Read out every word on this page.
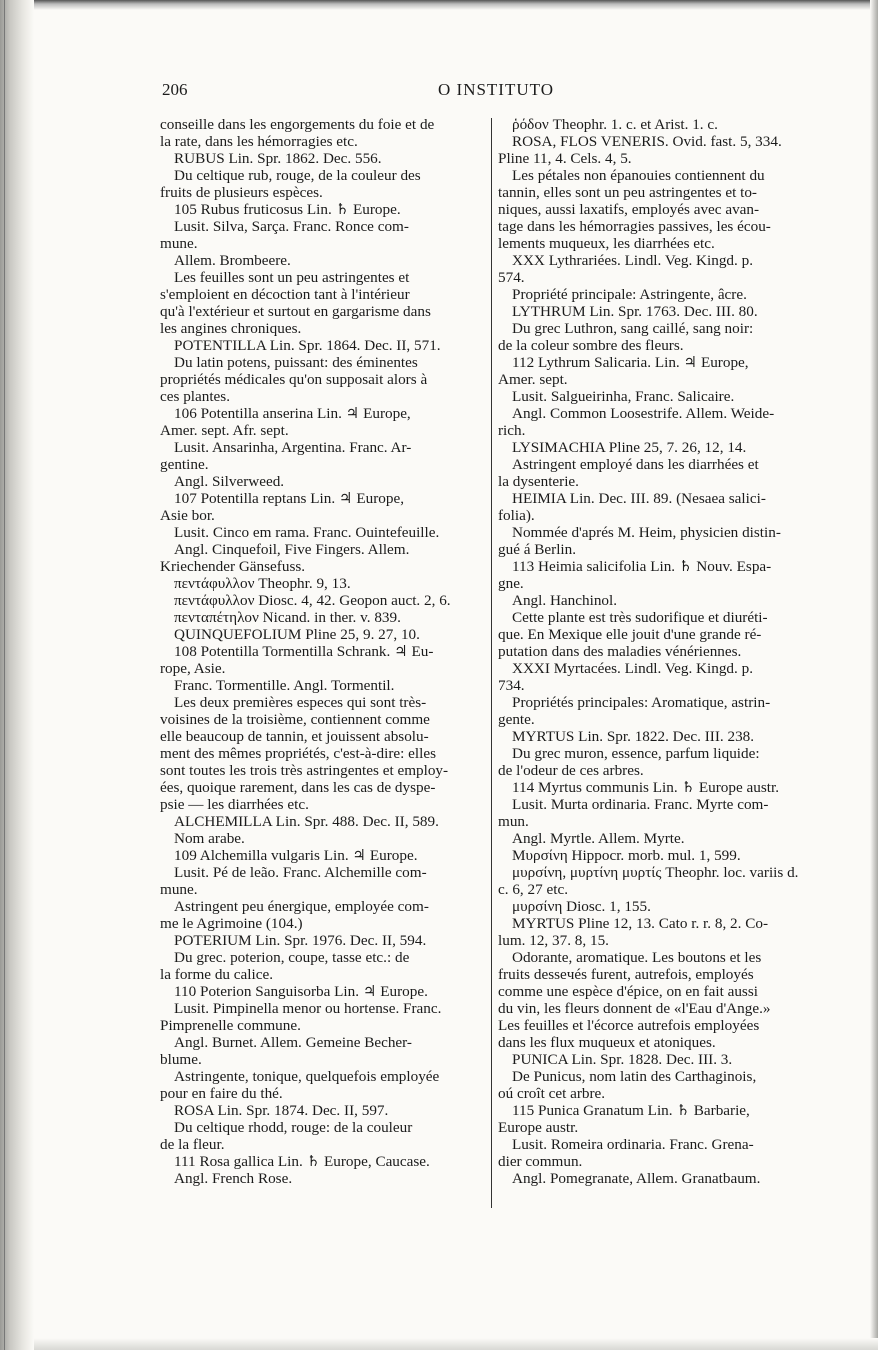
206	O INSTITUTO
conseille dans les engorgements du foie et de
la rate, dans les hémorragies etc.
RUBUS Lin. Spr. 1862. Dec. 556.
Du celtique rub, rouge, de la couleur des
fruits de plusieurs espèces.
105 Rubus fruticosus Lin. ♄ Europe.
Lusit. Silva, Sarça. Franc. Ronce com-
mune.
Allem. Brombeere.
Les feuilles sont un peu astringentes et
s'emploient en décoction tant à l'intérieur
qu'à l'extérieur et surtout en gargarisme dans
les angines chroniques.
POTENTILLA Lin. Spr. 1864. Dec. II, 571.
Du latin potens, puissant: des éminentes
propriétés médicales qu'on supposait alors à
ces plantes.
106 Potentilla anserina Lin. ♃ Europe,
Amer. sept. Afr. sept.
Lusit. Ansarinha, Argentina. Franc. Ar-
gentine.
Angl. Silverweed.
107 Potentilla reptans Lin. ♃ Europe,
Asie bor.
Lusit. Cinco em rama. Franc. Ouintefeuille.
Angl. Cinquefoil, Five Fingers. Allem.
Kriechender Gänsefuss.
πεντάφυλλον Theophr. 9, 13.
πεντάφυλλον Diosc. 4, 42. Geopon auct. 2, 6.
πενταπέτηλον Nicand. in ther. v. 839.
QUINQUEFOLIUM Pline 25, 9. 27, 10.
108 Potentilla Tormentilla Schrank. ♃ Eu-
rope, Asie.
Franc. Tormentille. Angl. Tormentil.
Les deux premières especes qui sont très-
voisines de la troisième, contiennent comme
elle beaucoup de tannin, et jouissent absolu-
ment des mêmes propriétés, c'est-à-dire: elles
sont toutes les trois très astringentes et employ-
ées, quoique rarement, dans les cas de dyspe-
psie — les diarrhées etc.
ALCHEMILLA Lin. Spr. 488. Dec. II, 589.
Nom arabe.
109 Alchemilla vulgaris Lin. ♃ Europe.
Lusit. Pé de leão. Franc. Alchemille com-
mune.
Astringent peu énergique, employée com-
me le Agrimoine (104.)
POTERIUM Lin. Spr. 1976. Dec. II, 594.
Du grec. poterion, coupe, tasse etc.: de
la forme du calice.
110 Poterion Sanguisorba Lin. ♃ Europe.
Lusit. Pimpinella menor ou hortense. Franc.
Pimprenelle commune.
Angl. Burnet. Allem. Gemeine Becher-
blume.
Astringente, tonique, quelquefois employée
pour en faire du thé.
ROSA Lin. Spr. 1874. Dec. II, 597.
Du celtique rhodd, rouge: de la couleur
de la fleur.
111 Rosa gallica Lin. ♄ Europe, Caucase.
Angl. French Rose.
ῥόδον Theophr. 1. c. et Arist. 1. c.
ROSA, FLOS VENERIS. Ovid. fast. 5, 334.
Pline 11, 4. Cels. 4, 5.
Les pétales non épanouies contiennent du
tannin, elles sont un peu astringentes et to-
niques, aussi laxatifs, employés avec avan-
tage dans les hémorragies passives, les écou-
lements muqueux, les diarrhées etc.
XXX Lythrariées. Lindl. Veg. Kingd. p.
574.
Propriété principale: Astringente, âcre.
LYTHRUM Lin. Spr. 1763. Dec. III. 80.
Du grec Luthron, sang caillé, sang noir:
de la coleur sombre des fleurs.
112 Lythrum Salicaria. Lin. ♃ Europe,
Amer. sept.
Lusit. Salgueirinha, Franc. Salicaire.
Angl. Common Loosestrife. Allem. Weide-
rich.
LYSIMACHIA Pline 25, 7. 26, 12, 14.
Astringent employé dans les diarrhées et
la dysenterie.
HEIMIA Lin. Dec. III. 89. (Nesaea salici-
folia).
Nommée d'aprés M. Heim, physicien distin-
gué á Berlin.
113 Heimia salicifolia Lin. ♄ Nouv. Espa-
gne.
Angl. Hanchinol.
Cette plante est très sudorifique et diuréti-
que. En Mexique elle jouit d'une grande ré-
putation dans des maladies vénériennes.
XXXI Myrtacées. Lindl. Veg. Kingd. p.
734.
Propriétés principales: Aromatique, astrin-
gente.
MYRTUS Lin. Spr. 1822. Dec. III. 238.
Du grec muron, essence, parfum liquide:
de l'odeur de ces arbres.
114 Myrtus communis Lin. ♄ Europe austr.
Lusit. Murta ordinaria. Franc. Myrte com-
mun.
Angl. Myrtle. Allem. Myrte.
Μυρσίνη Hippocr. morb. mul. 1, 599.
μυρσίνη, μυρτίνη μυρτίς Theophr. loc. variis d.
c. 6, 27 etc.
μυρσίνη Diosc. 1, 155.
MYRTUS Pline 12, 13. Cato r. r. 8, 2. Co-
lum. 12, 37. 8, 15.
Odorante, aromatique. Les boutons et les
fruits desseчés furent, autrefois, employés
comme une espèce d'épice, on en fait aussi
du vin, les fleurs donnent de «l'Eau d'Ange.»
Les feuilles et l'écorce autrefois employées
dans les flux muqueux et atoniques.
PUNICA Lin. Spr. 1828. Dec. III. 3.
De Punicus, nom latin des Carthaginois,
oú croît cet arbre.
115 Punica Granatum Lin. ♄ Barbarie,
Europe austr.
Lusit. Romeira ordinaria. Franc. Grena-
dier commun.
Angl. Pomegranate, Allem. Granatbaum.
